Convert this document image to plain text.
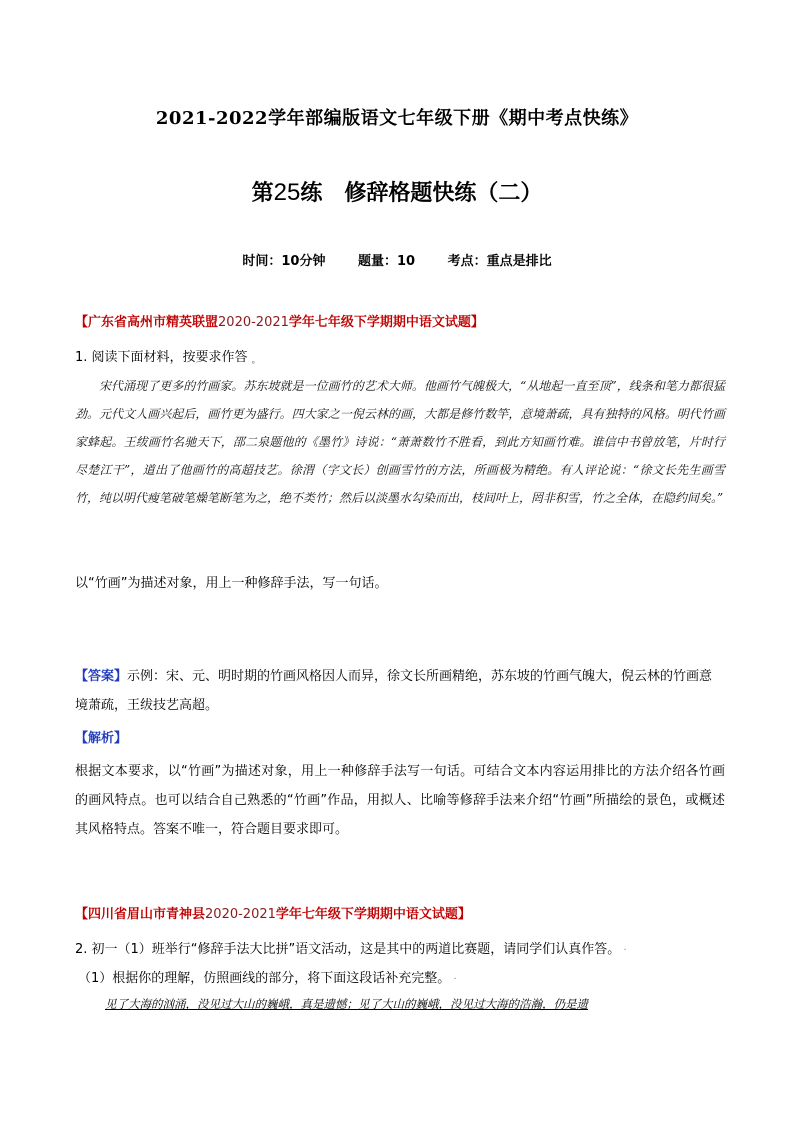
2021-2022学年部编版语文七年级下册《期中考点快练》
第25练 修辞格题快练（二）
时间：10分钟	题量：10	考点：重点是排比
【广东省高州市精英联盟2020-2021学年七年级下学期期中语文试题】
1. 阅读下面材料，按要求作答 ˳

宋代涌现了更多的竹画家。苏东坡就是一位画竹的艺术大师。他画竹气魄极大，“从地起一直至顶”，线条和笔力都很猛劲。元代文人画兴起后，画竹更为盛行。四大家之一倪云林的画，大都是修竹数竿，意境萧疏，具有独特的风格。明代竹画家蜂起。王绂画竹名驰天下，邵二泉题他的《墨竹》诗说：“萧萧数竹不胜看，到此方知画竹难。谁信中书曾放笔，片时行尽楚江干”，道出了他画竹的高超技艺。徐渭（字文长）创画雪竹的方法，所画极为精绝。有人评论说：“徐文长先生画雪竹，纯以明代瘦笔破笔燥笔断笔为之，绝不类竹；然后以淡墨水勾染而出，枝间叶上，罔非积雪，竹之全体，在隐约间矣。”

以“竹画”为描述对象，用上一种修辞手法，写一句话。
【答案】示例：宋、元、明时期的竹画风格因人而异，徐文长所画精绝，苏东坡的竹画气魄大，倪云林的竹画意境萧疏，王绂技艺高超。
【解析】
根据文本要求，以“竹画”为描述对象，用上一种修辞手法写一句话。可结合文本内容运用排比的方法介绍各竹画的画风特点。也可以结合自己熟悉的“竹画”作品，用拟人、比喻等修辞手法来介绍“竹画”所描绘的景色，或概述其风格特点。答案不唯一，符合题目要求即可。
【四川省眉山市青神县2020-2021学年七年级下学期期中语文试题】
2. 初一（1）班举行“修辞手法大比拼”语文活动，这是其中的两道比赛题，请同学们认真作答。 ·
（1）根据你的理解，仿照画线的部分，将下面这段话补充完整。 ·
见了大海的汹涌，没见过大山的巍峨，真是遗憾；见了大山的巍峨，没见过大海的浩瀚，仍是遗
